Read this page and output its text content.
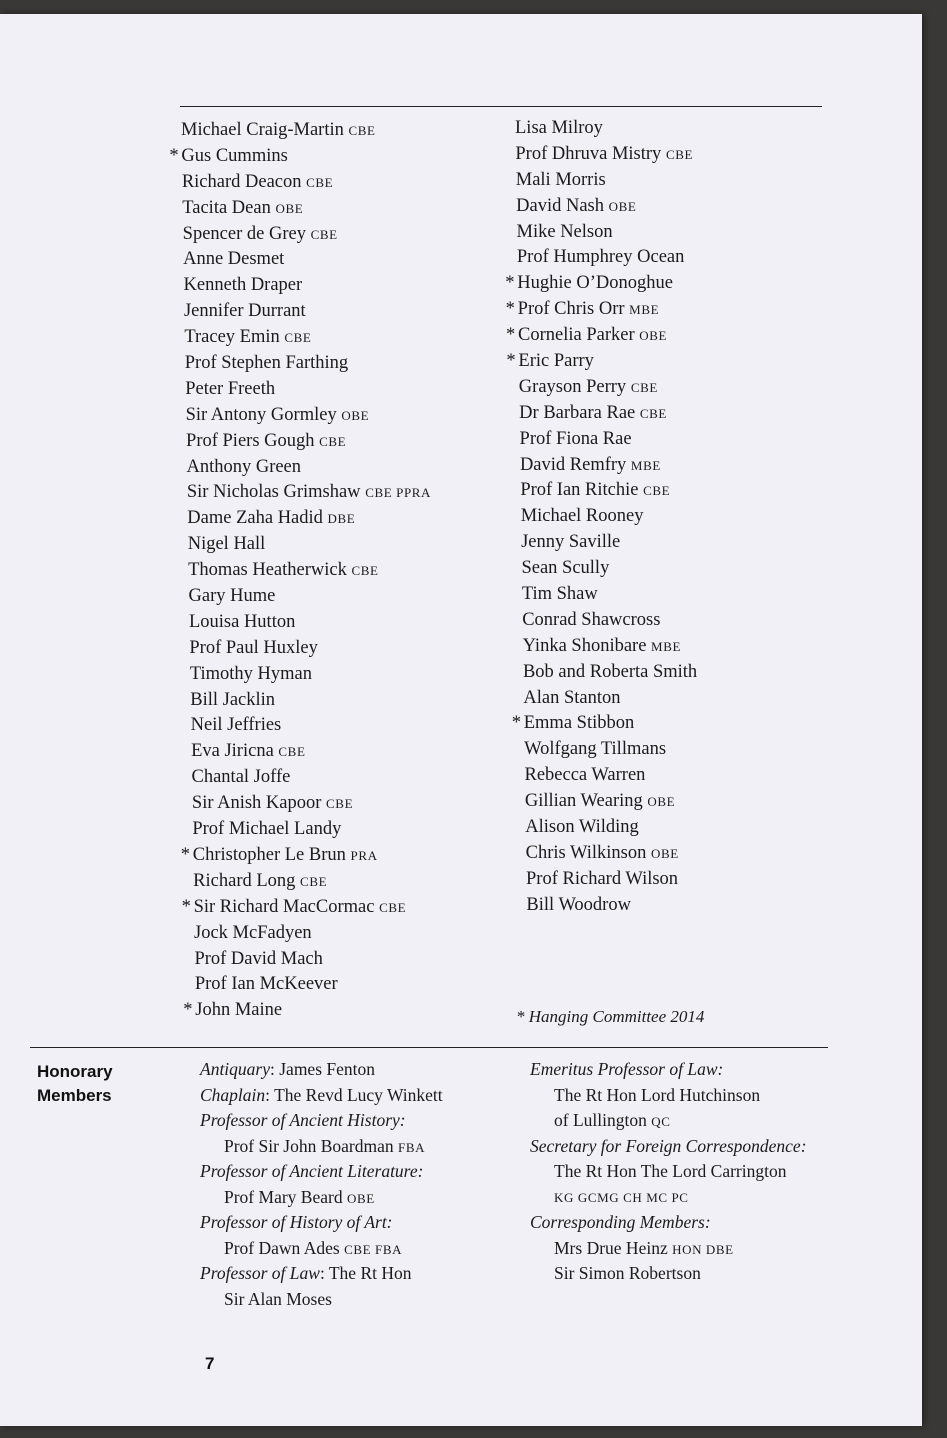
Michael Craig-Martin CBE
* Gus Cummins
Richard Deacon CBE
Tacita Dean OBE
Spencer de Grey CBE
Anne Desmet
Kenneth Draper
Jennifer Durrant
Tracey Emin CBE
Prof Stephen Farthing
Peter Freeth
Sir Antony Gormley OBE
Prof Piers Gough CBE
Anthony Green
Sir Nicholas Grimshaw CBE PPRA
Dame Zaha Hadid DBE
Nigel Hall
Thomas Heatherwick CBE
Gary Hume
Louisa Hutton
Prof Paul Huxley
Timothy Hyman
Bill Jacklin
Neil Jeffries
Eva Jiricna CBE
Chantal Joffe
Sir Anish Kapoor CBE
Prof Michael Landy
* Christopher Le Brun PRA
Richard Long CBE
* Sir Richard MacCormac CBE
Jock McFadyen
Prof David Mach
Prof Ian McKeever
* John Maine
Lisa Milroy
Prof Dhruva Mistry CBE
Mali Morris
David Nash OBE
Mike Nelson
Prof Humphrey Ocean
* Hughie O’Donoghue
* Prof Chris Orr MBE
* Cornelia Parker OBE
* Eric Parry
Grayson Perry CBE
Dr Barbara Rae CBE
Prof Fiona Rae
David Remfry MBE
Prof Ian Ritchie CBE
Michael Rooney
Jenny Saville
Sean Scully
Tim Shaw
Conrad Shawcross
Yinka Shonibare MBE
Bob and Roberta Smith
Alan Stanton
* Emma Stibbon
Wolfgang Tillmans
Rebecca Warren
Gillian Wearing OBE
Alison Wilding
Chris Wilkinson OBE
Prof Richard Wilson
Bill Woodrow
* Hanging Committee 2014
Honorary
Members
Antiquary: James Fenton
Chaplain: The Revd Lucy Winkett
Professor of Ancient History:
Prof Sir John Boardman FBA
Professor of Ancient Literature:
Prof Mary Beard OBE
Professor of History of Art:
Prof Dawn Ades CBE FBA
Professor of Law: The Rt Hon
Sir Alan Moses
Emeritus Professor of Law:
The Rt Hon Lord Hutchinson
of Lullington QC
Secretary for Foreign Correspondence:
The Rt Hon The Lord Carrington
KG GCMG CH MC PC
Corresponding Members:
Mrs Drue Heinz HON DBE
Sir Simon Robertson
7
